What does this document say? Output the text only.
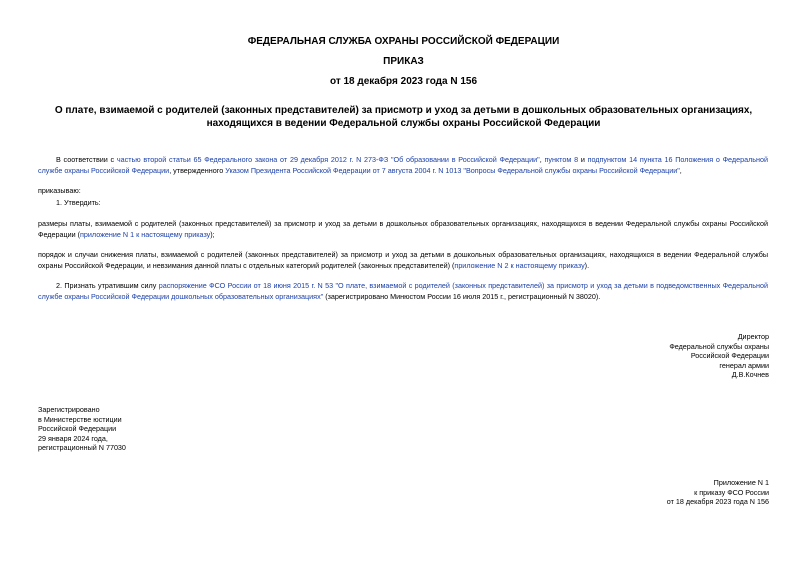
ФЕДЕРАЛЬНАЯ СЛУЖБА ОХРАНЫ РОССИЙСКОЙ ФЕДЕРАЦИИ
ПРИКАЗ
от 18 декабря 2023 года N 156
О плате, взимаемой с родителей (законных представителей) за присмотр и уход за детьми в дошкольных образовательных организациях, находящихся в ведении Федеральной службы охраны Российской Федерации
В соответствии с частью второй статьи 65 Федерального закона от 29 декабря 2012 г. N 273-ФЗ "Об образовании в Российской Федерации", пунктом 8 и подпунктом 14 пункта 16 Положения о Федеральной службе охраны Российской Федерации, утвержденного Указом Президента Российской Федерации от 7 августа 2004 г. N 1013 "Вопросы Федеральной службы охраны Российской Федерации",
приказываю:
1. Утвердить:
размеры платы, взимаемой с родителей (законных представителей) за присмотр и уход за детьми в дошкольных образовательных организациях, находящихся в ведении Федеральной службы охраны Российской Федерации (приложение N 1 к настоящему приказу);
порядок и случаи снижения платы, взимаемой с родителей (законных представителей) за присмотр и уход за детьми в дошкольных образовательных организациях, находящихся в ведении Федеральной службы охраны Российской Федерации, и невзимания данной платы с отдельных категорий родителей (законных представителей) (приложение N 2 к настоящему приказу).
2. Признать утратившим силу распоряжение ФСО России от 18 июня 2015 г. N 53 "О плате, взимаемой с родителей (законных представителей) за присмотр и уход за детьми в подведомственных Федеральной службе охраны Российской Федерации дошкольных образовательных организациях" (зарегистрировано Минюстом России 16 июля 2015 г., регистрационный N 38020).
Директор
Федеральной службы охраны
Российской Федерации
генерал армии
Д.В.Кочнев
Зарегистрировано
в Министерстве юстиции
Российской Федерации
29 января 2024 года,
регистрационный N 77030
Приложение N 1
к приказу ФСО России
от 18 декабря 2023 года N 156
